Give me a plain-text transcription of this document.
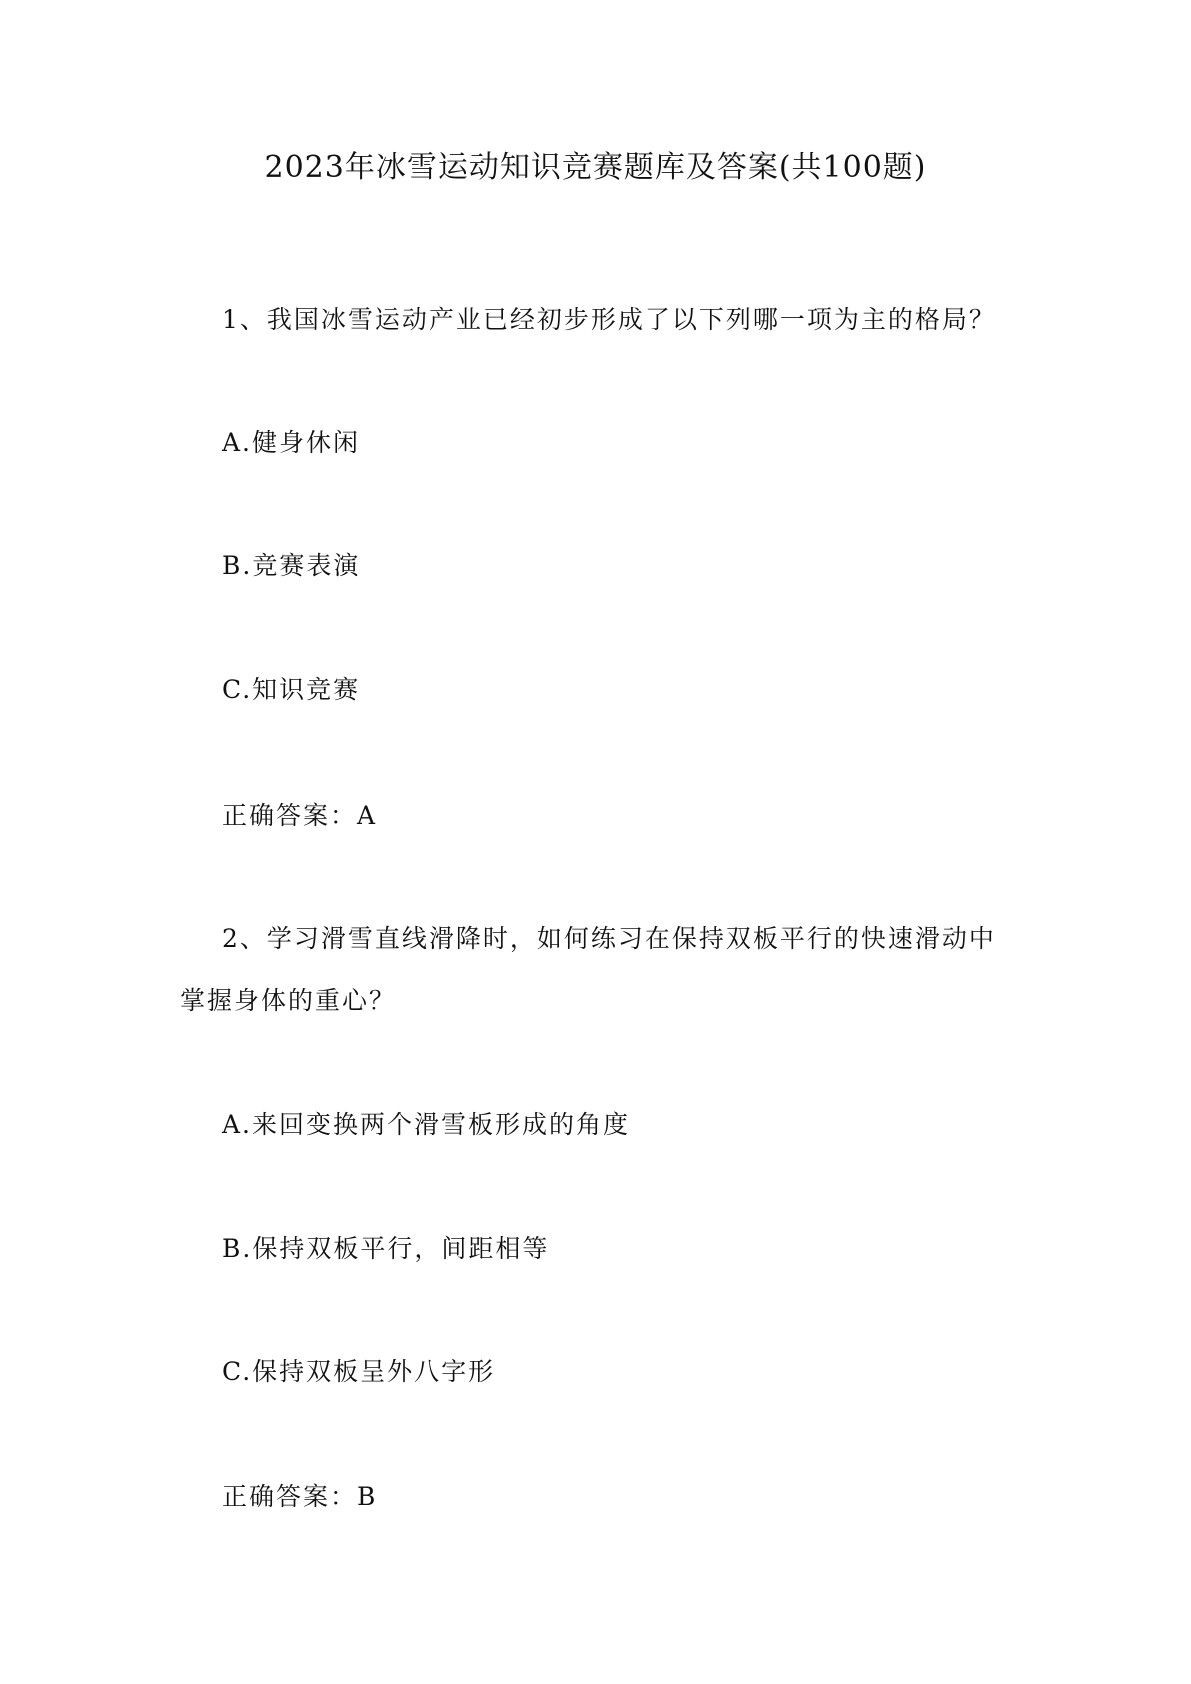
2023年冰雪运动知识竞赛题库及答案(共100题)
1、我国冰雪运动产业已经初步形成了以下列哪一项为主的格局？
A.健身休闲
B.竞赛表演
C.知识竞赛
正确答案：A
2、学习滑雪直线滑降时，如何练习在保持双板平行的快速滑动中
掌握身体的重心？
A.来回变换两个滑雪板形成的角度
B.保持双板平行，间距相等
C.保持双板呈外八字形
正确答案：B
